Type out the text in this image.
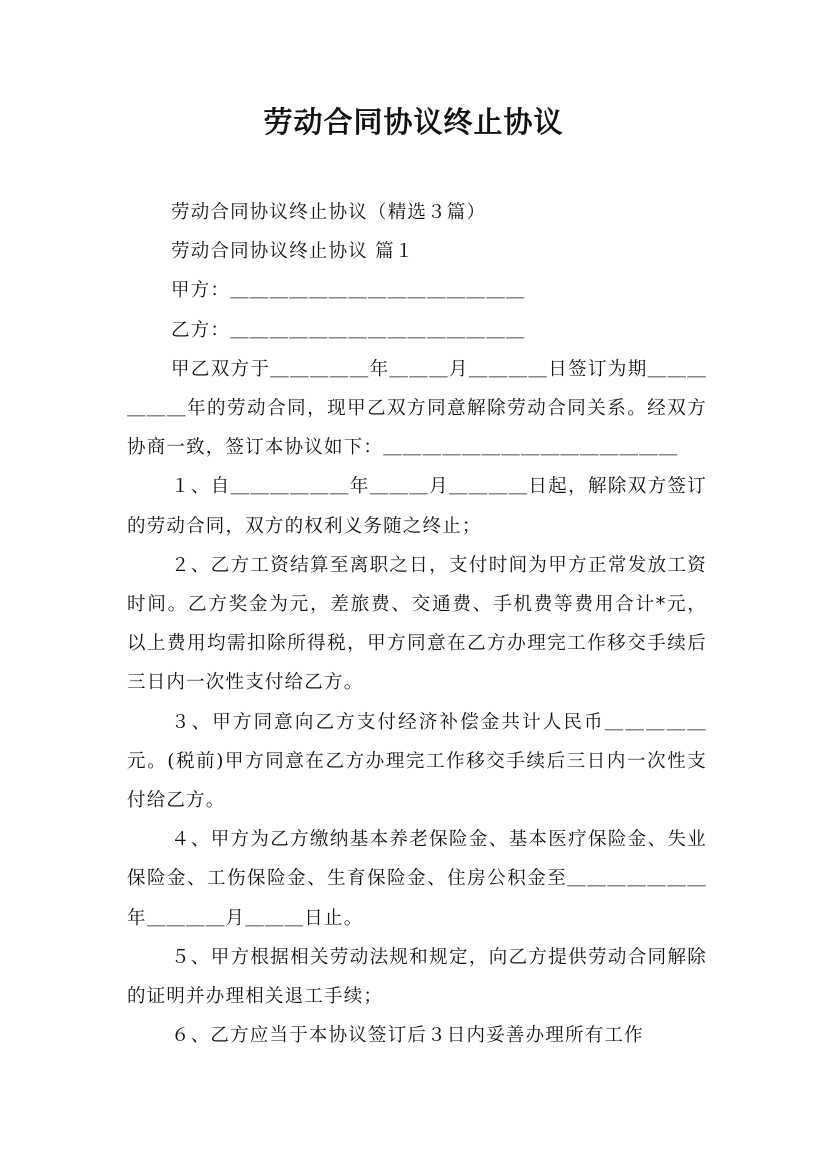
劳动合同协议终止协议

劳动合同协议终止协议（精选３篇）

劳动合同协议终止协议 篇１

甲方：＿＿＿＿＿＿＿＿＿＿＿＿＿＿＿

乙方：＿＿＿＿＿＿＿＿＿＿＿＿＿＿＿

甲乙双方于＿＿＿＿＿年＿＿＿月＿＿＿＿日签订为期＿＿＿＿＿＿年的劳动合同，现甲乙双方同意解除劳动合同关系。经双方协商一致，签订本协议如下：＿＿＿＿＿＿＿＿＿＿＿＿＿＿＿

１、自＿＿＿＿＿＿年＿＿＿月＿＿＿＿日起，解除双方签订的劳动合同，双方的权利义务随之终止；

２、乙方工资结算至离职之日，支付时间为甲方正常发放工资时间。乙方奖金为元，差旅费、交通费、手机费等费用合计*元，以上费用均需扣除所得税，甲方同意在乙方办理完工作移交手续后三日内一次性支付给乙方。

３、甲方同意向乙方支付经济补偿金共计人民币＿＿＿＿＿元。(税前)甲方同意在乙方办理完工作移交手续后三日内一次性支付给乙方。

４、甲方为乙方缴纳基本养老保险金、基本医疗保险金、失业保险金、工伤保险金、生育保险金、住房公积金至＿＿＿＿＿＿＿年＿＿＿＿月＿＿＿日止。

５、甲方根据相关劳动法规和规定，向乙方提供劳动合同解除的证明并办理相关退工手续；

６、乙方应当于本协议签订后３日内妥善办理所有工作
